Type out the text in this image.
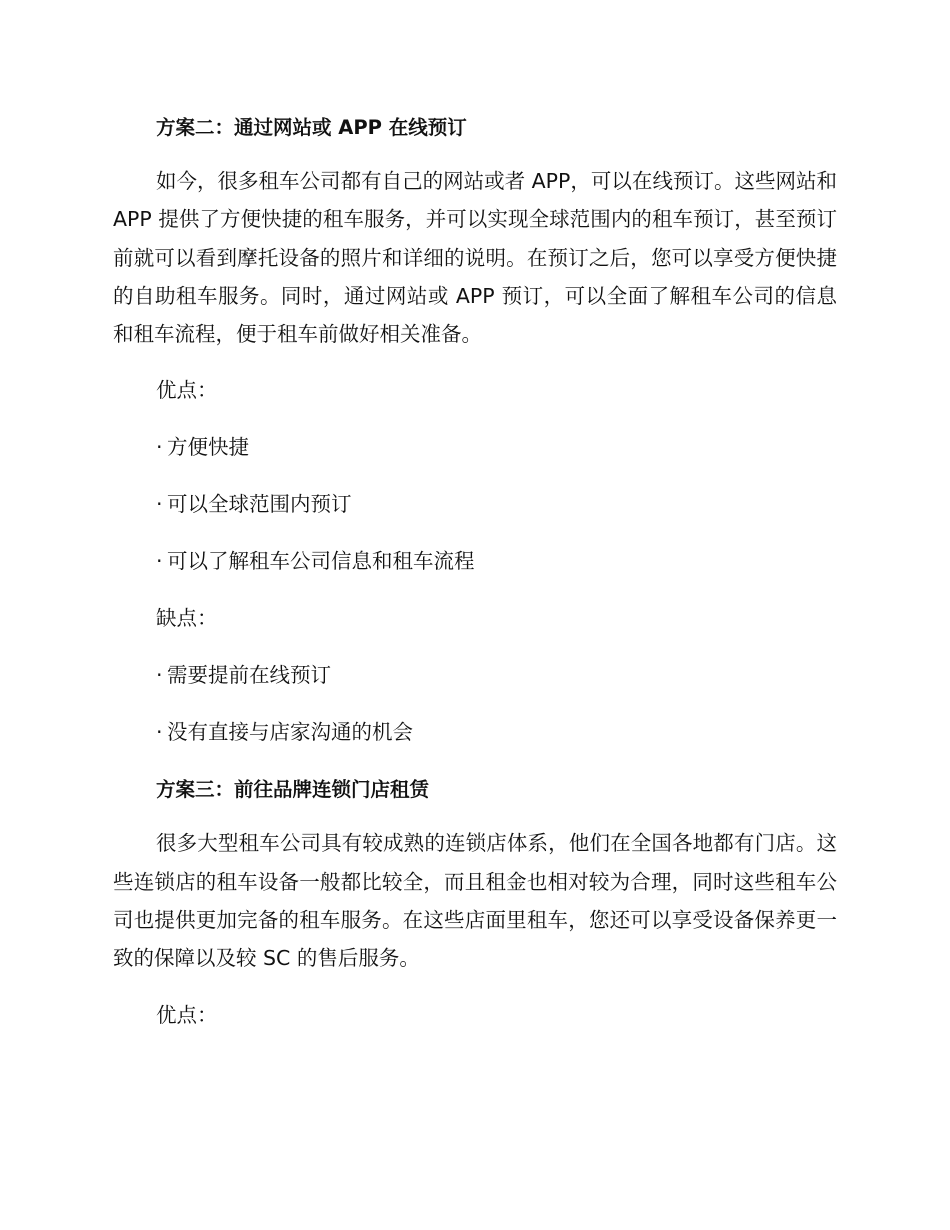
方案二：通过网站或 APP 在线预订
如今，很多租车公司都有自己的网站或者 APP，可以在线预订。这些网站和 APP 提供了方便快捷的租车服务，并可以实现全球范围内的租车预订，甚至预订前就可以看到摩托设备的照片和详细的说明。在预订之后，您可以享受方便快捷的自助租车服务。同时，通过网站或 APP 预订，可以全面了解租车公司的信息和租车流程，便于租车前做好相关准备。
优点：
· 方便快捷
· 可以全球范围内预订
· 可以了解租车公司信息和租车流程
缺点：
· 需要提前在线预订
· 没有直接与店家沟通的机会
方案三：前往品牌连锁门店租赁
很多大型租车公司具有较成熟的连锁店体系，他们在全国各地都有门店。这些连锁店的租车设备一般都比较全，而且租金也相对较为合理，同时这些租车公司也提供更加完备的租车服务。在这些店面里租车，您还可以享受设备保养更一致的保障以及较 SC 的售后服务。
优点：
